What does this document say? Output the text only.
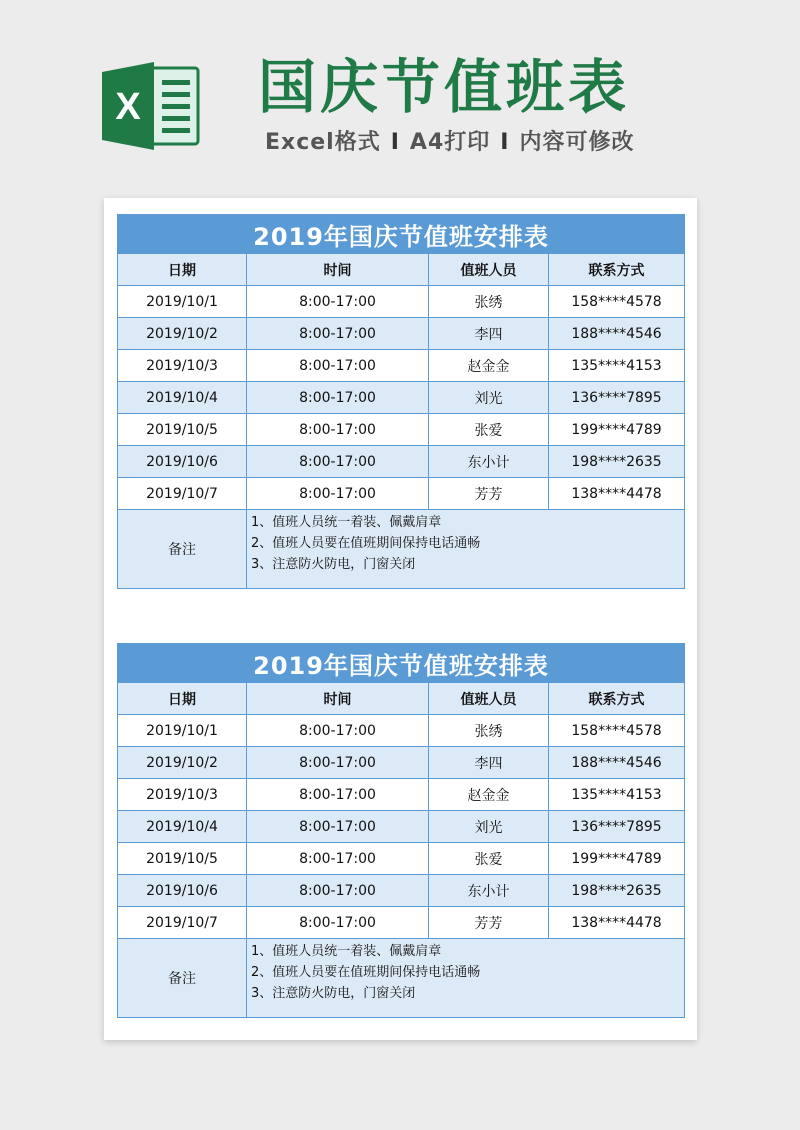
X 国庆节值班表
Excel格式 I A4打印 I 内容可修改
2019年国庆节值班安排表			
日期	时间	值班人员	联系方式
2019/10/1	8:00-17:00	张绣	158****4578
2019/10/2	8:00-17:00	李四	188****4546
2019/10/3	8:00-17:00	赵金金	135****4153
2019/10/4	8:00-17:00	刘光	136****7895
2019/10/5	8:00-17:00	张爱	199****4789
2019/10/6	8:00-17:00	东小计	198****2635
2019/10/7	8:00-17:00	芳芳	138****4478
备注	1、值班人员统一着装、佩戴肩章
2、值班人员要在值班期间保持电话通畅
3、注意防火防电，门窗关闭		
2019年国庆节值班安排表			
日期	时间	值班人员	联系方式
2019/10/1	8:00-17:00	张绣	158****4578
2019/10/2	8:00-17:00	李四	188****4546
2019/10/3	8:00-17:00	赵金金	135****4153
2019/10/4	8:00-17:00	刘光	136****7895
2019/10/5	8:00-17:00	张爱	199****4789
2019/10/6	8:00-17:00	东小计	198****2635
2019/10/7	8:00-17:00	芳芳	138****4478
备注	1、值班人员统一着装、佩戴肩章
2、值班人员要在值班期间保持电话通畅
3、注意防火防电，门窗关闭		
